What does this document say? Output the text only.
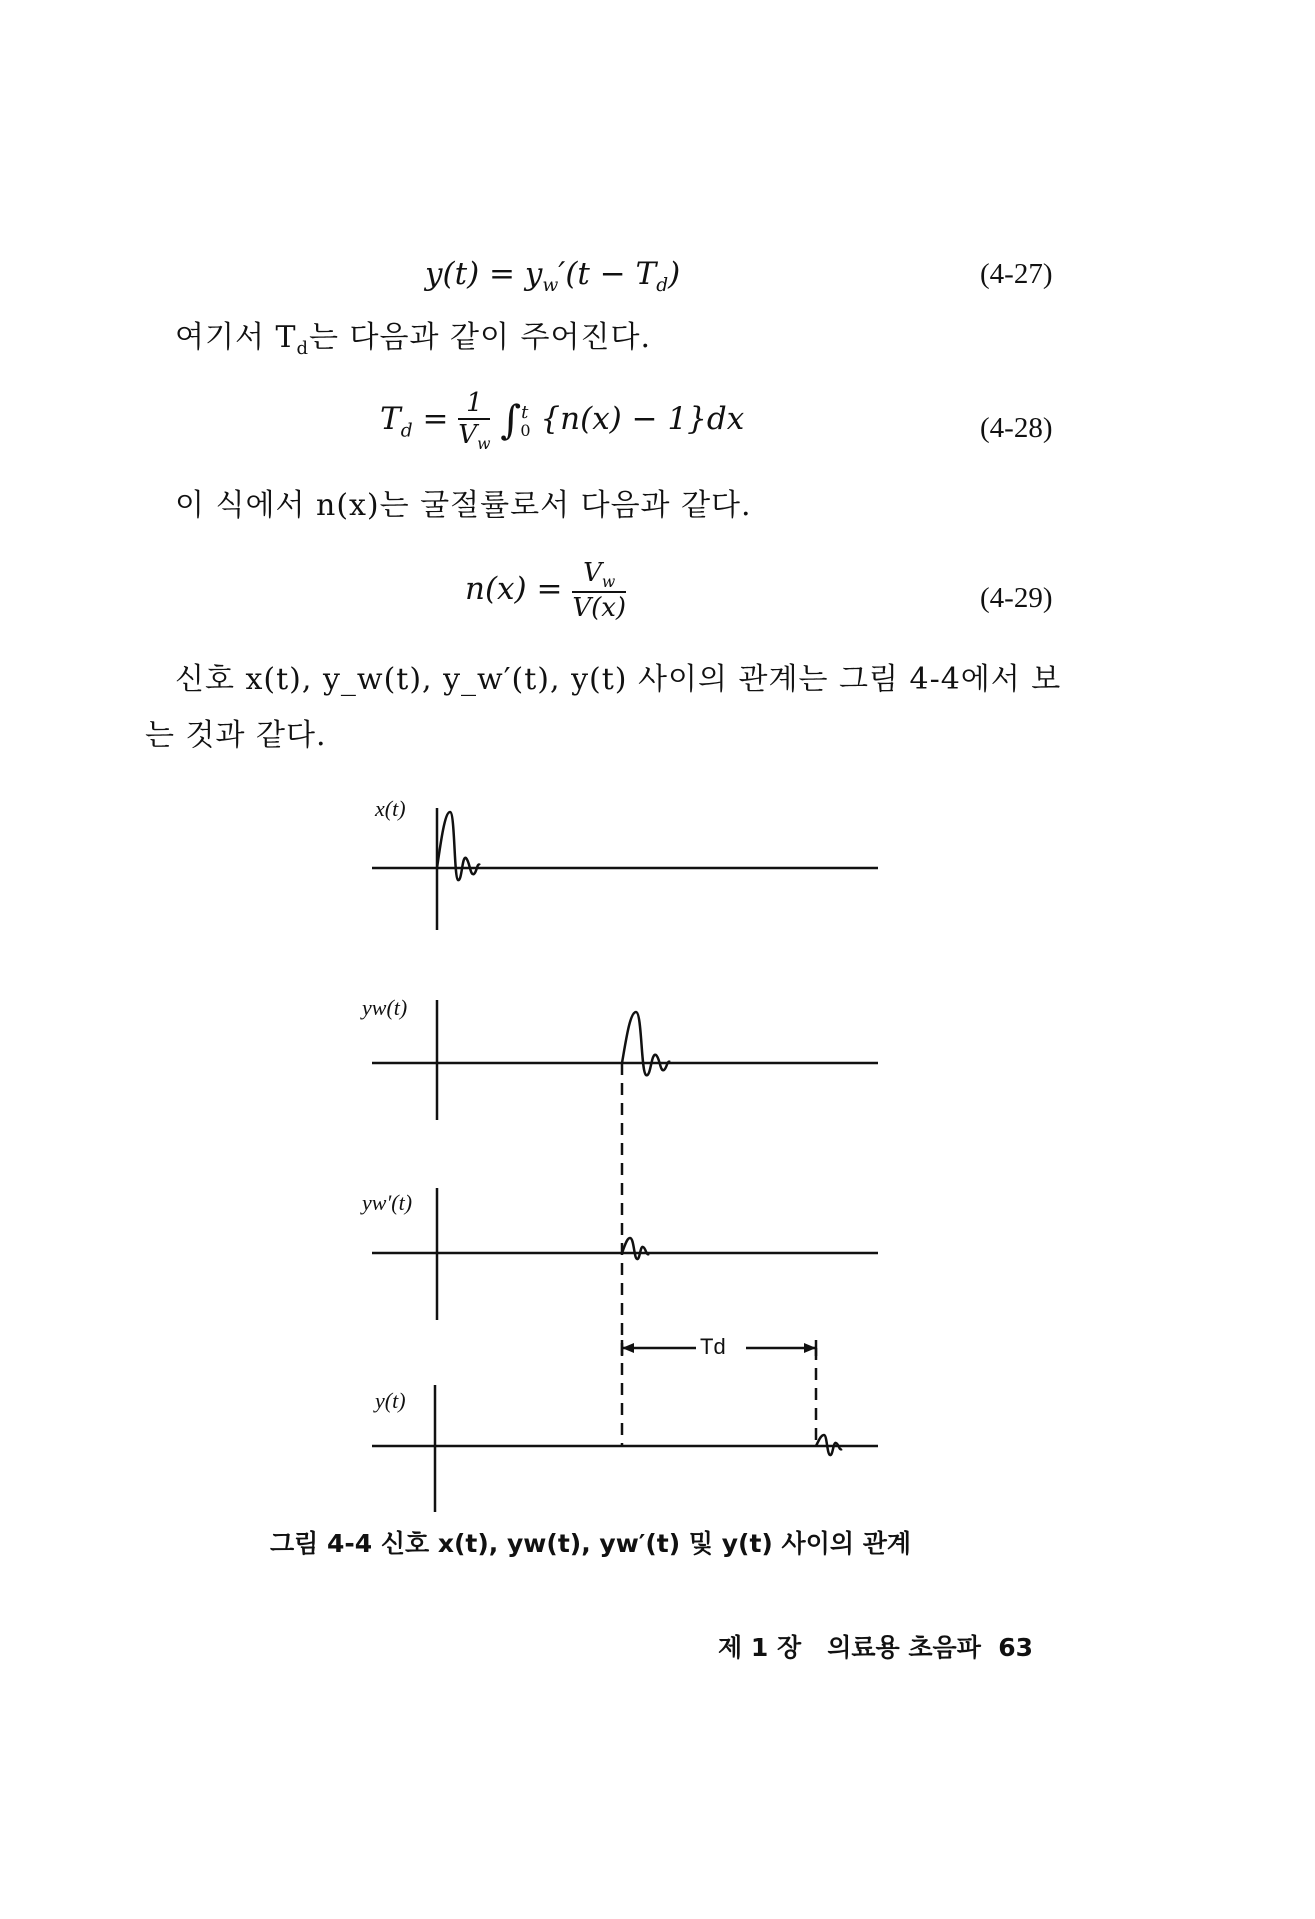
$y(t) = y_w'(t - T_d)$	(4-27)
여기서 $T_d$는 다음과 같이 주어진다.
$T_d = \frac{1}{V_w} \int^t_0$ {n(x) − 1}dx	(4-28)
이 식에서 n(x)는 굴절률로서 다음과 같다.
$n(x) = \frac{V_w}{V(x)}$	(4-29)
신호 x(t), y_w(t), y_w′(t), y(t) 사이의 관계는 그림 4-4에서 보
는 것과 같다.
x(t)
yw(t)
yw′(t)
y(t)
Td
그림 4-4 신호 x(t), yw(t), yw′(t) 및 y(t) 사이의 관계
제 1 장 의료용 초음파 63
